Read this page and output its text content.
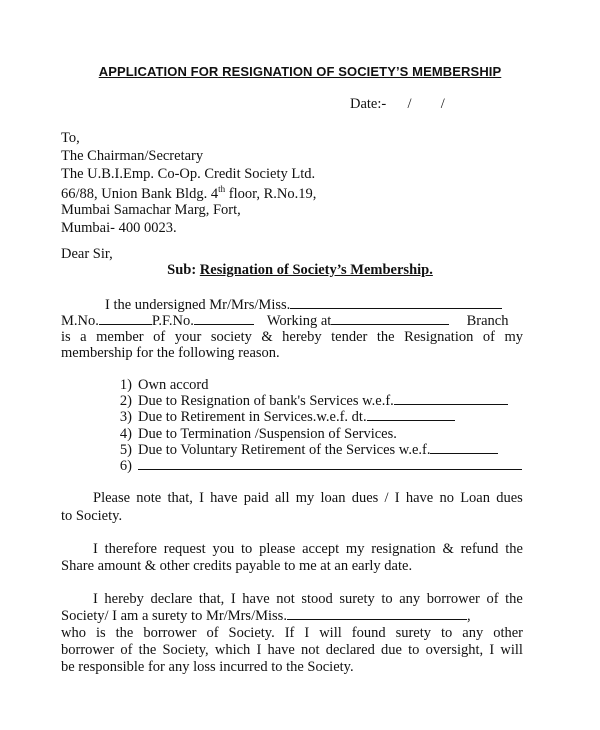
APPLICATION FOR RESIGNATION OF SOCIETY’S MEMBERSHIP
Date:- / /
To,
The Chairman/Secretary
The U.B.I.Emp. Co-Op. Credit Society Ltd.
66/88, Union Bank Bldg. 4th floor, R.No.19,
Mumbai Samachar Marg, Fort,
Mumbai- 400 0023.
Dear Sir,
Sub: Resignation of Society’s Membership.
I the undersigned Mr/Mrs/Miss.
M.No.	P.F.No.	Working at	Branch
is a member of your society & hereby tender the Resignation of my
membership for the following reason.
1) Own accord
2) Due to Resignation of bank's Services w.e.f.
3) Due to Retirement in Services.w.e.f. dt.
4) Due to Termination /Suspension of Services.
5) Due to Voluntary Retirement of the Services w.e.f.
6)
Please note that, I have paid all my loan dues / I have no Loan dues
to Society.
I therefore request you to please accept my resignation & refund the
Share amount & other credits payable to me at an early date.
I hereby declare that, I have not stood surety to any borrower of the
Society/ I am a surety to Mr/Mrs/Miss.	,
who is the borrower of Society. If I will found surety to any other
borrower of the Society, which I have not declared due to oversight, I will
be responsible for any loss incurred to the Society.
